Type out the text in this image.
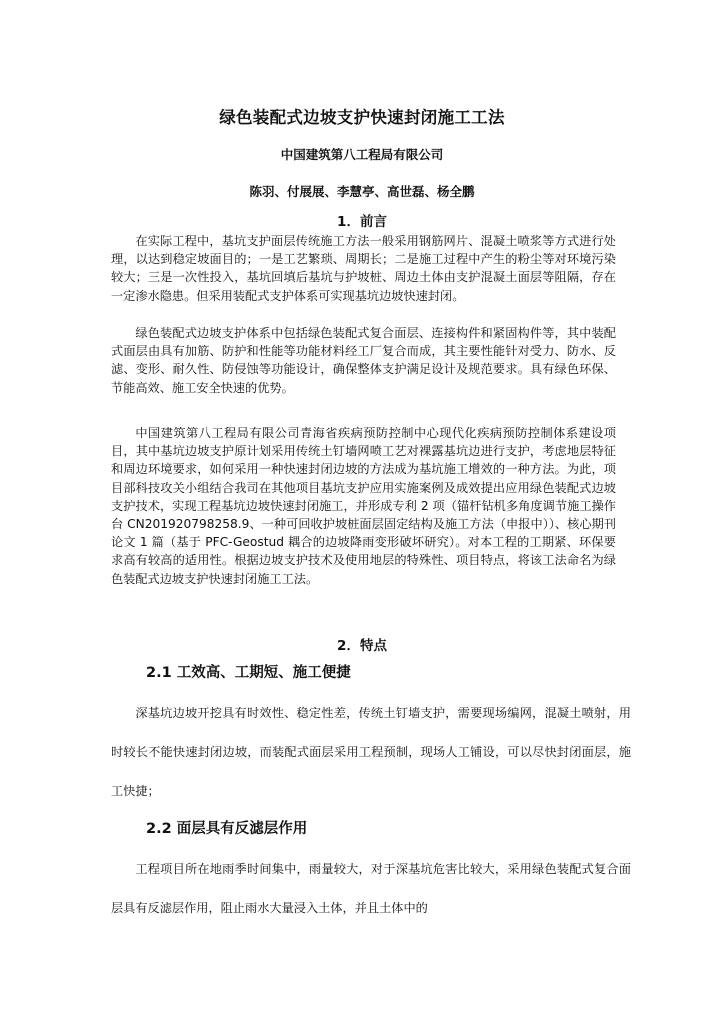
绿色装配式边坡支护快速封闭施工工法
中国建筑第八工程局有限公司
陈羽、付展展、李慧亭、高世磊、杨全鹏
1．前言

在实际工程中，基坑支护面层传统施工方法一般采用钢筋网片、混凝土喷浆等方式进行处理，以达到稳定坡面目的；一是工艺繁琐、周期长；二是施工过程中产生的粉尘等对环境污染较大；三是一次性投入，基坑回填后基坑与护坡桩、周边土体由支护混凝土面层等阻隔，存在一定渗水隐患。但采用装配式支护体系可实现基坑边坡快速封闭。

绿色装配式边坡支护体系中包括绿色装配式复合面层、连接构件和紧固构件等，其中装配式面层由具有加筋、防护和性能等功能材料经工厂复合而成，其主要性能针对受力、防水、反滤、变形、耐久性、防侵蚀等功能设计，确保整体支护满足设计及规范要求。具有绿色环保、节能高效、施工安全快速的优势。

中国建筑第八工程局有限公司青海省疾病预防控制中心现代化疾病预防控制体系建设项目，其中基坑边坡支护原计划采用传统土钉墙网喷工艺对裸露基坑边进行支护，考虑地层特征和周边环境要求，如何采用一种快速封闭边坡的方法成为基坑施工增效的一种方法。为此，项目部科技攻关小组结合我司在其他项目基坑支护应用实施案例及成效提出应用绿色装配式边坡支护技术，实现工程基坑边坡快速封闭施工，并形成专利 2 项（锚杆钻机多角度调节施工操作台 CN201920798258.9、一种可回收护坡桩面层固定结构及施工方法（申报中））、核心期刊论文 1 篇（基于 PFC-Geostud 耦合的边坡降雨变形破坏研究）。对本工程的工期紧、环保要求高有较高的适用性。根据边坡支护技术及使用地层的特殊性、项目特点，将该工法命名为绿色装配式边坡支护快速封闭施工工法。

2．特点
2.1 工效高、工期短、施工便捷

深基坑边坡开挖具有时效性、稳定性差，传统土钉墙支护，需要现场编网，混凝土喷射，用时较长不能快速封闭边坡，而装配式面层采用工程预制，现场人工铺设，可以尽快封闭面层，施工快捷；

2.2 面层具有反滤层作用

工程项目所在地雨季时间集中，雨量较大，对于深基坑危害比较大，采用绿色装配式复合面层具有反滤层作用，阻止雨水大量浸入土体，并且土体中的
